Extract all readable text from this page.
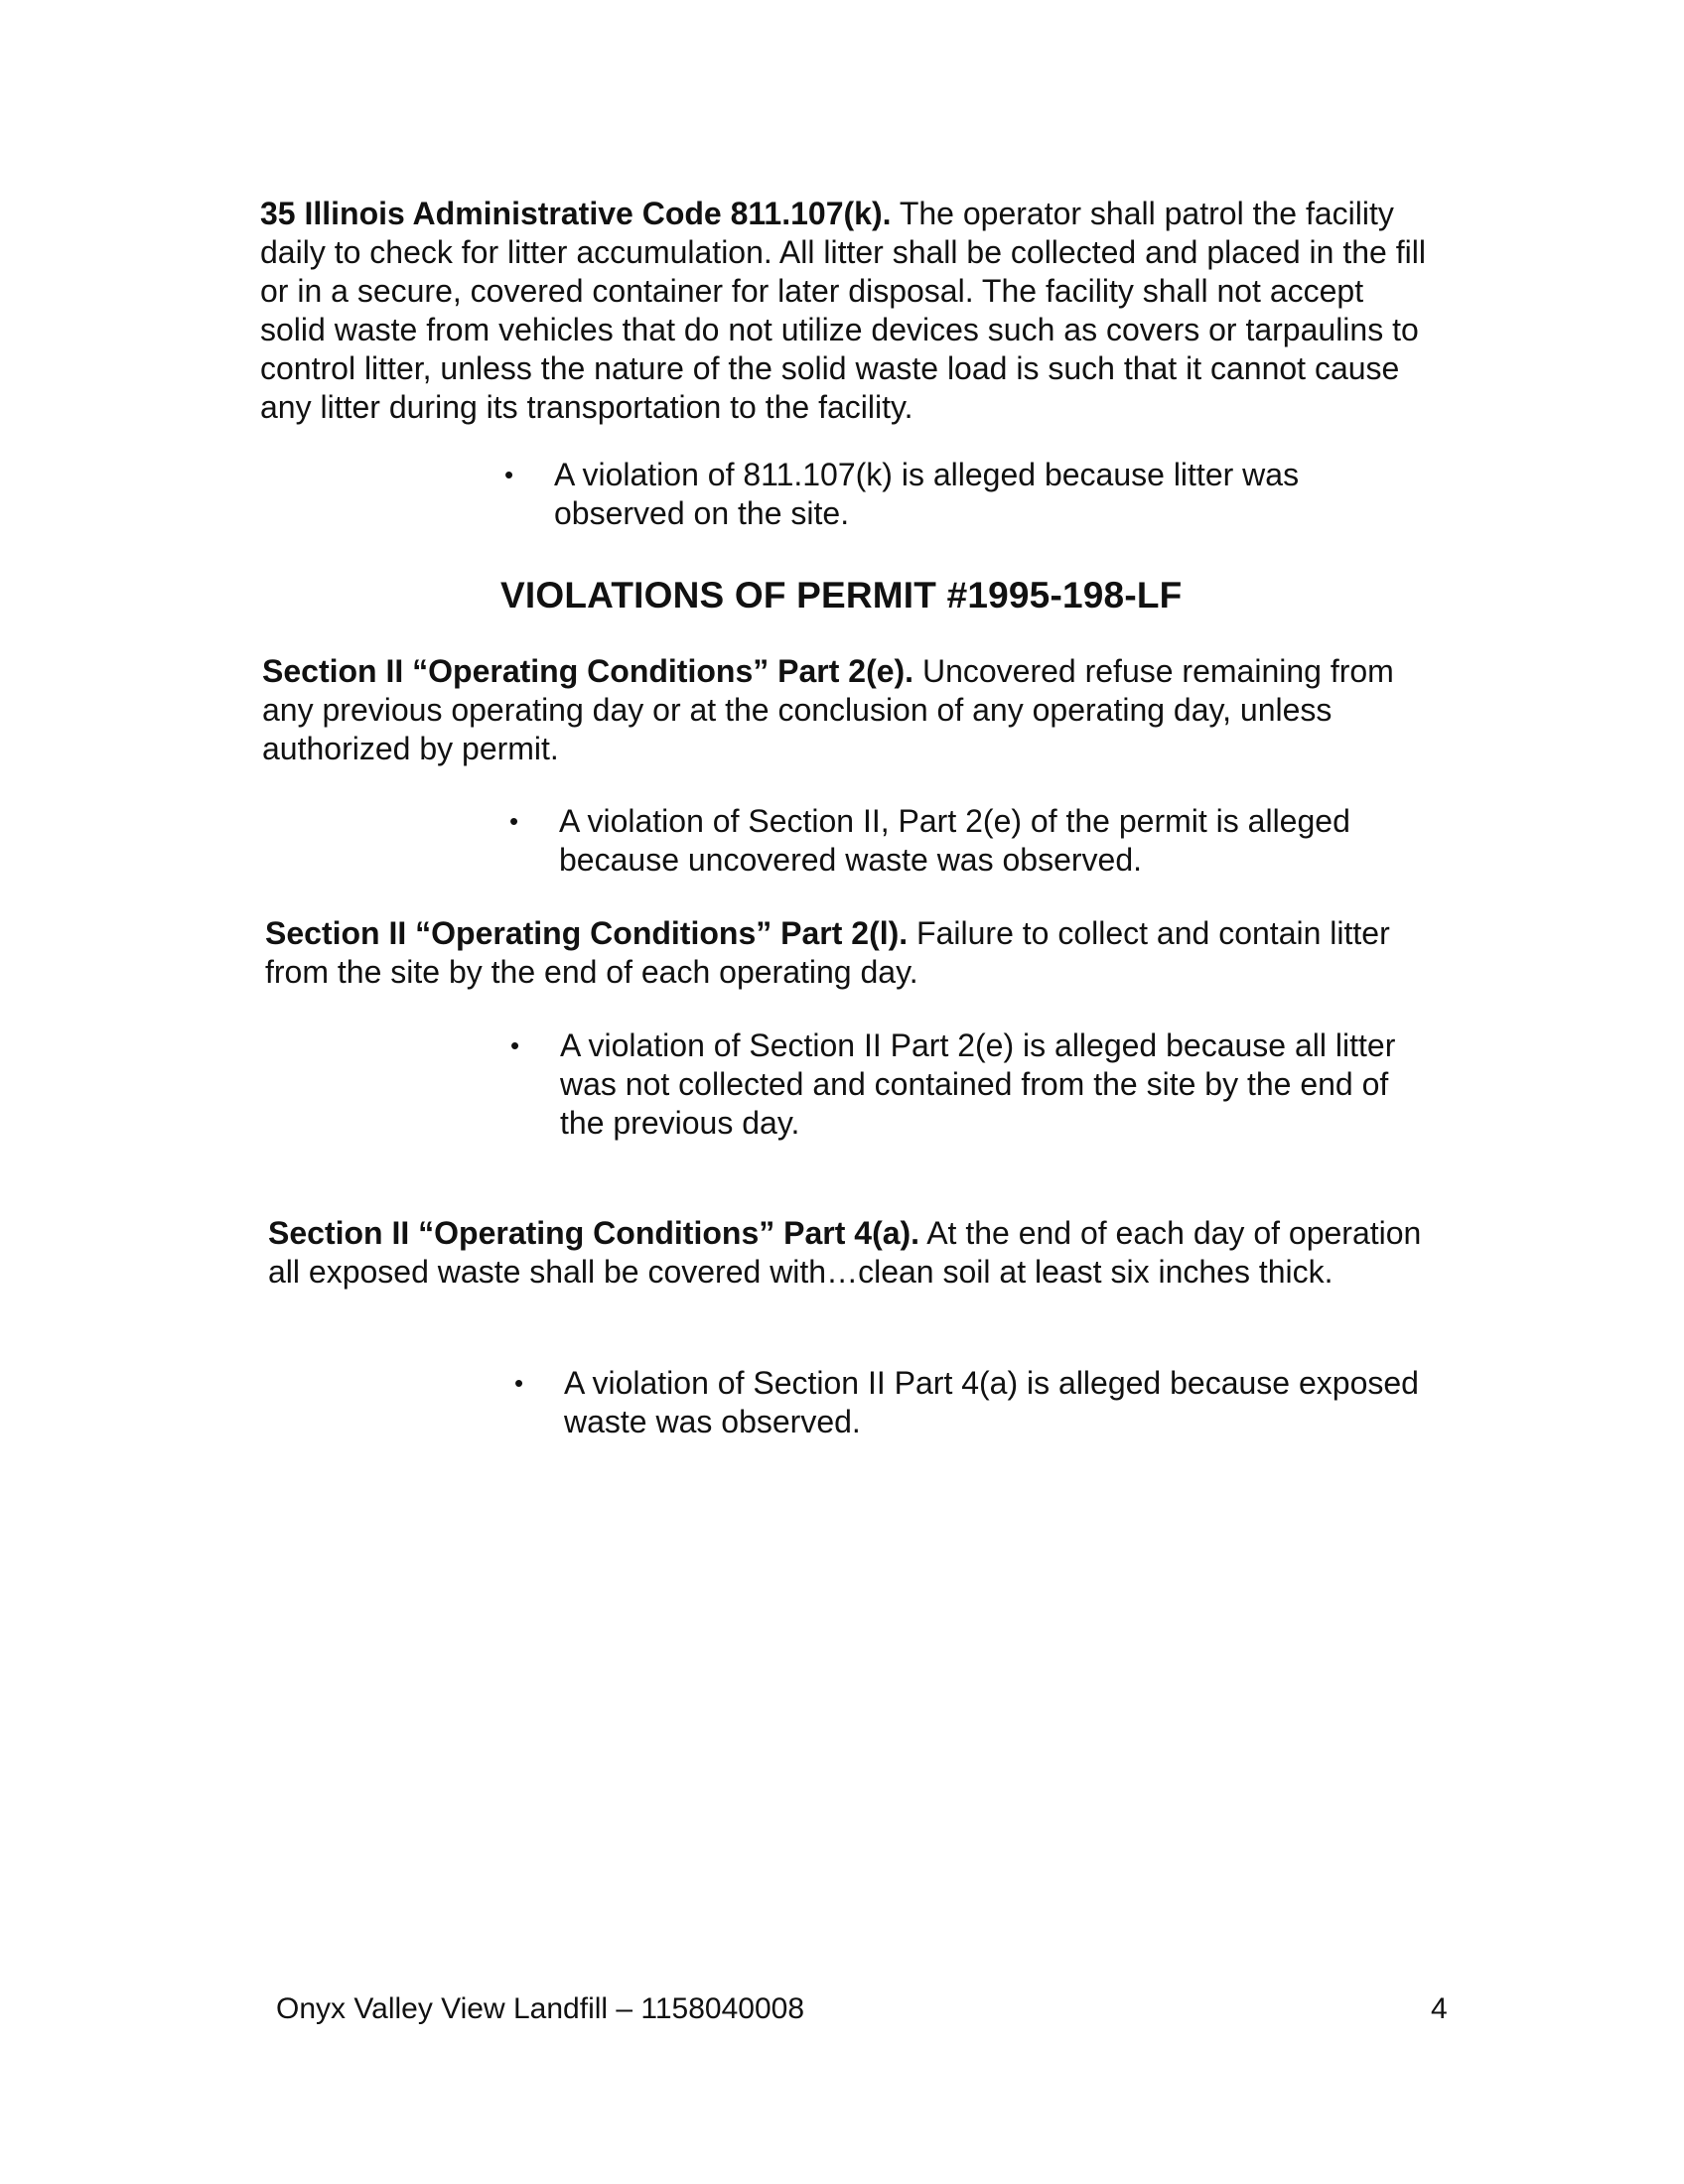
35 Illinois Administrative Code 811.107(k). The operator shall patrol the facility daily to check for litter accumulation. All litter shall be collected and placed in the fill or in a secure, covered container for later disposal. The facility shall not accept solid waste from vehicles that do not utilize devices such as covers or tarpaulins to control litter, unless the nature of the solid waste load is such that it cannot cause any litter during its transportation to the facility.

• A violation of 811.107(k) is alleged because litter was observed on the site.

VIOLATIONS OF PERMIT #1995-198-LF

Section II “Operating Conditions” Part 2(e). Uncovered refuse remaining from any previous operating day or at the conclusion of any operating day, unless authorized by permit.

• A violation of Section II, Part 2(e) of the permit is alleged because uncovered waste was observed.

Section II “Operating Conditions” Part 2(l). Failure to collect and contain litter from the site by the end of each operating day.

• A violation of Section II Part 2(e) is alleged because all litter was not collected and contained from the site by the end of the previous day.

Section II “Operating Conditions” Part 4(a). At the end of each day of operation all exposed waste shall be covered with…clean soil at least six inches thick.

• A violation of Section II Part 4(a) is alleged because exposed waste was observed.

Onyx Valley View Landfill – 1158040008	4
